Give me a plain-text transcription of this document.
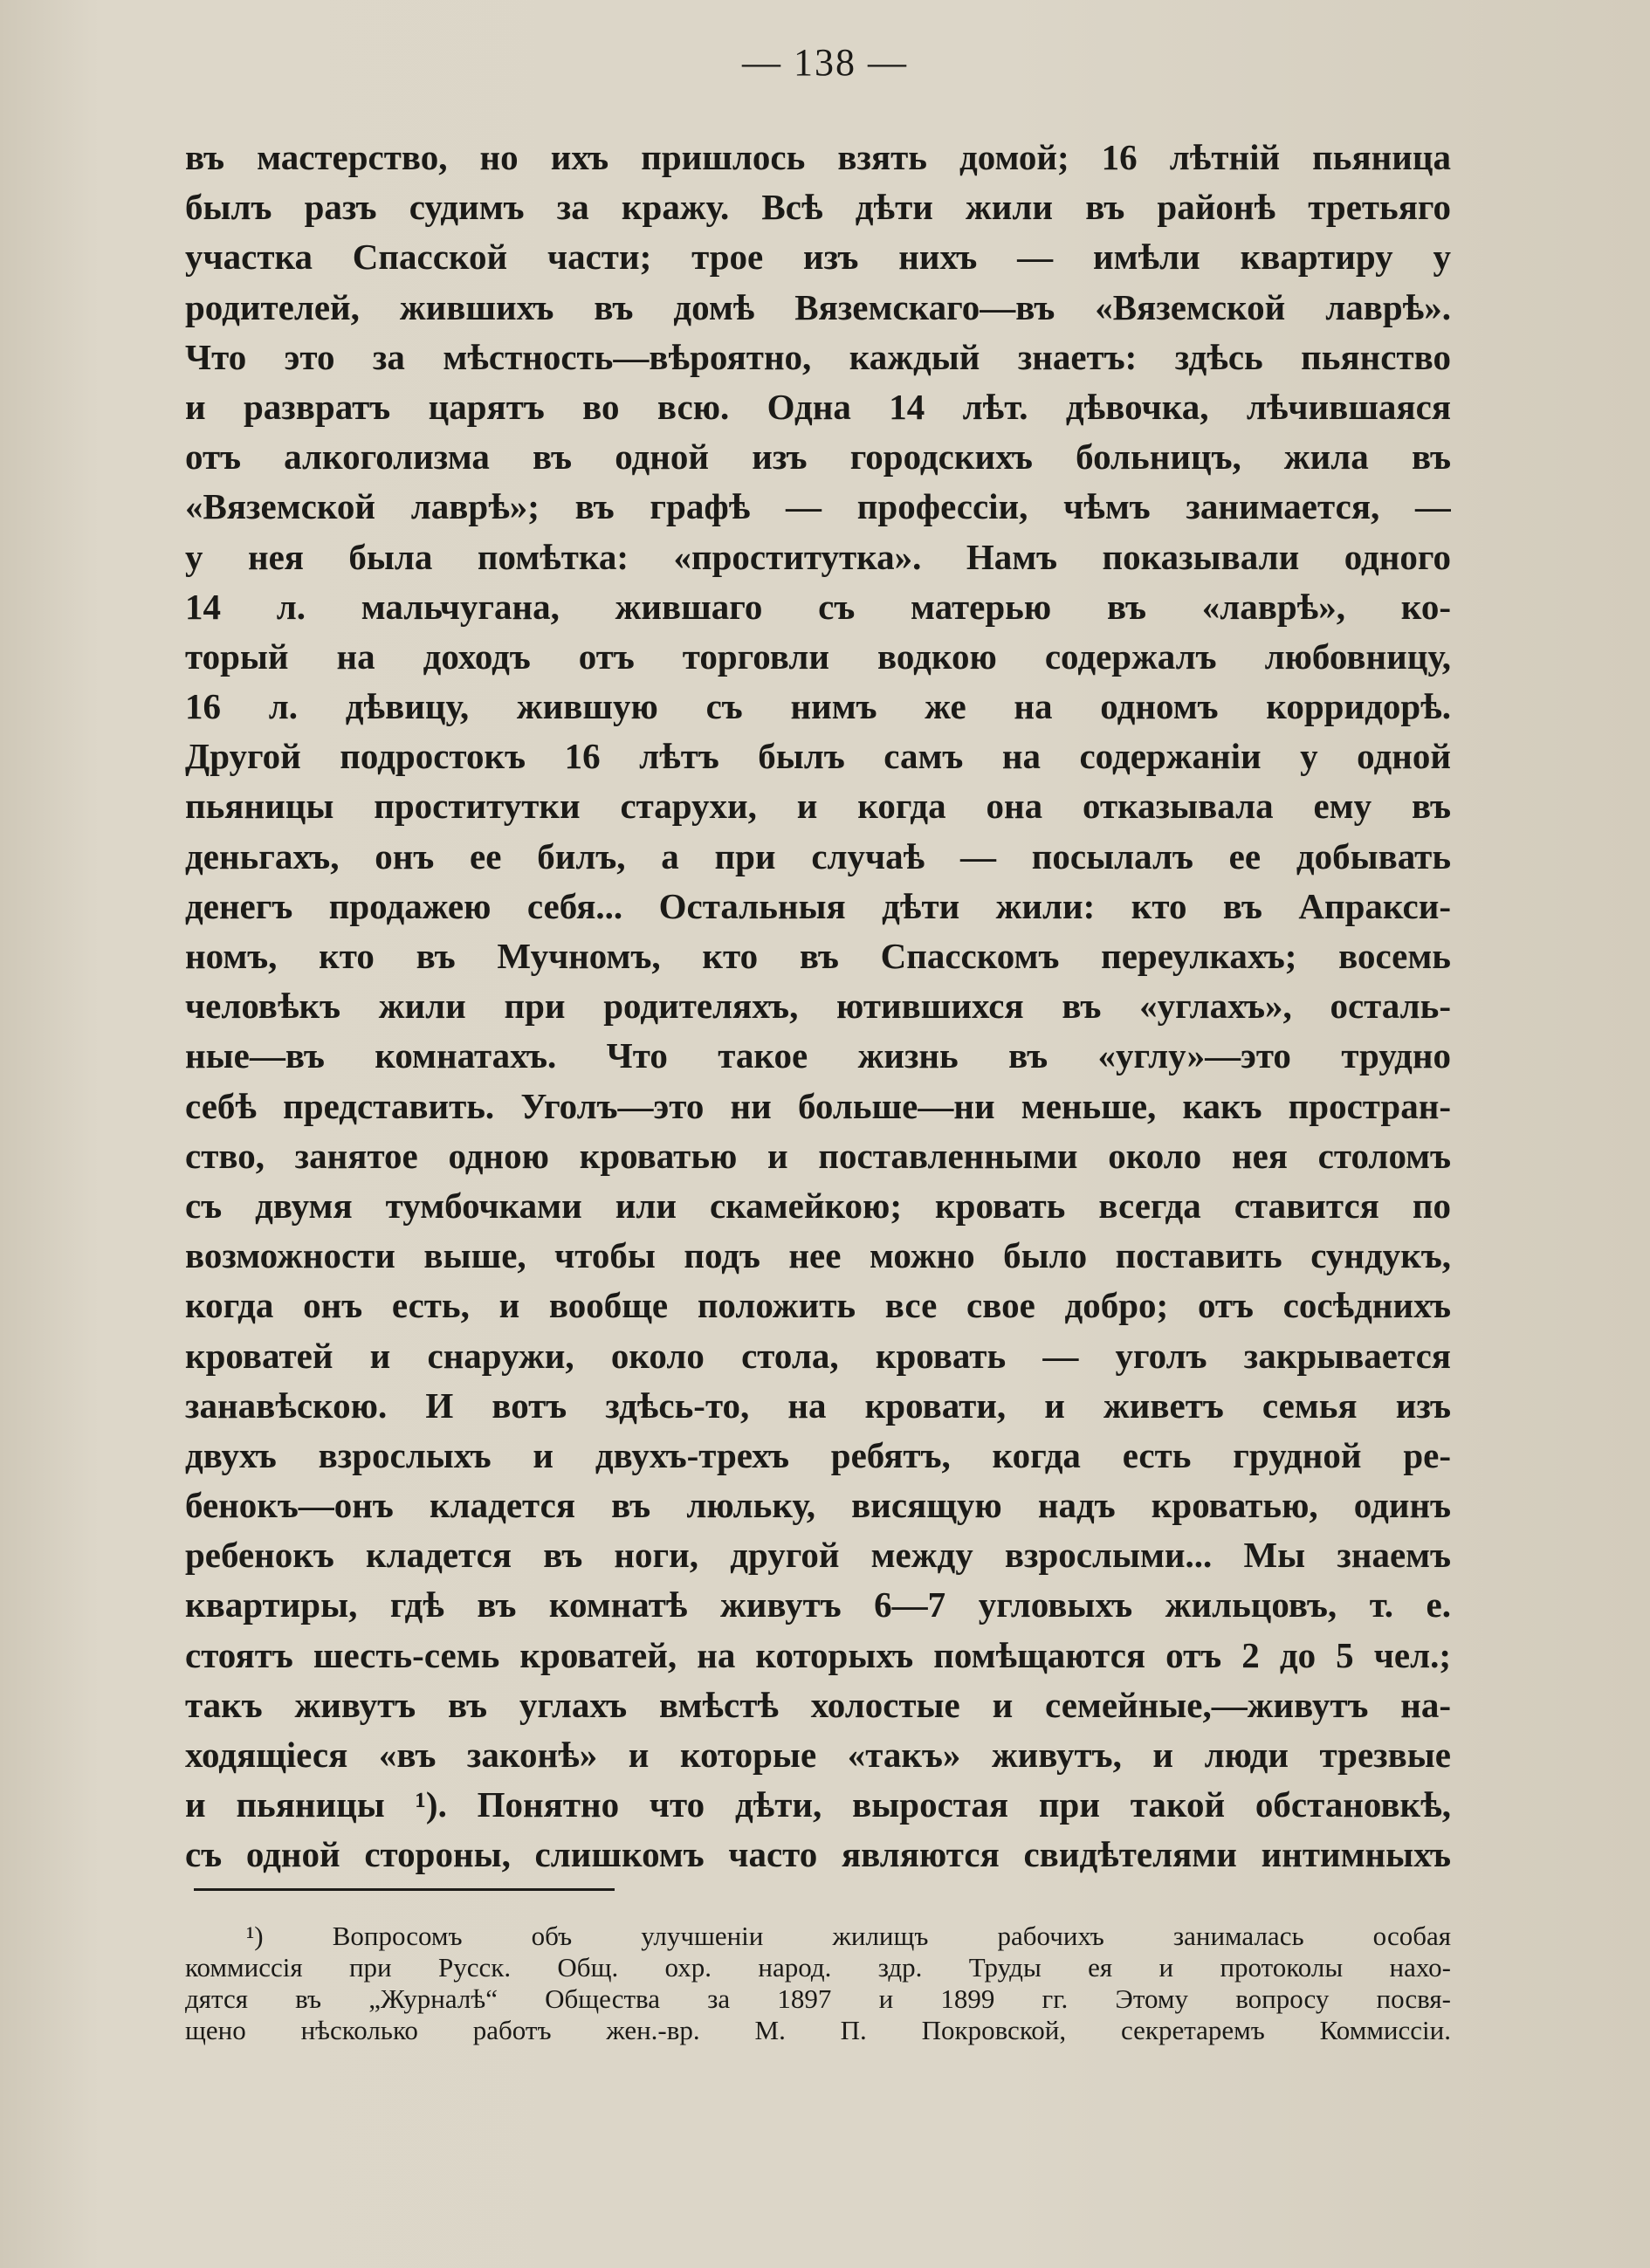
— 138 —
въ мастерство, но ихъ пришлось взять домой; 16 лѣтній пьяница
былъ разъ судимъ за кражу. Всѣ дѣти жили въ районѣ третьяго
участка Спасской части; трое изъ нихъ — имѣли квартиру у
родителей, жившихъ въ домѣ Вяземскаго—въ «Вяземской лаврѣ».
Что это за мѣстность—вѣроятно, каждый знаетъ: здѣсь пьянство
и развратъ царятъ во всю. Одна 14 лѣт. дѣвочка, лѣчившаяся
отъ алкоголизма въ одной изъ городскихъ больницъ, жила въ
«Вяземской лаврѣ»; въ графѣ — профессіи, чѣмъ занимается, —
у нея была помѣтка: «проститутка». Намъ показывали одного
14 л. мальчугана, жившаго съ матерью въ «лаврѣ», ко-
торый на доходъ отъ торговли водкою содержалъ любовницу,
16 л. дѣвицу, жившую съ нимъ же на одномъ корридорѣ.
Другой подростокъ 16 лѣтъ былъ самъ на содержаніи у одной
пьяницы проститутки старухи, и когда она отказывала ему въ
деньгахъ, онъ ее билъ, а при случаѣ — посылалъ ее добывать
денегъ продажею себя... Остальныя дѣти жили: кто въ Апракси-
номъ, кто въ Мучномъ, кто въ Спасскомъ переулкахъ; восемь
человѣкъ жили при родителяхъ, ютившихся въ «углахъ», осталь-
ные—въ комнатахъ. Что такое жизнь въ «углу»—это трудно
себѣ представить. Уголъ—это ни больше—ни меньше, какъ простран-
ство, занятое одною кроватью и поставленными около нея столомъ
съ двумя тумбочками или скамейкою; кровать всегда ставится по
возможности выше, чтобы подъ нее можно было поставить сундукъ,
когда онъ есть, и вообще положить все свое добро; отъ сосѣднихъ
кроватей и снаружи, около стола, кровать — уголъ закрывается
занавѣскою. И вотъ здѣсь-то, на кровати, и живетъ семья изъ
двухъ взрослыхъ и двухъ-трехъ ребятъ, когда есть грудной ре-
бенокъ—онъ кладется въ люльку, висящую надъ кроватью, одинъ
ребенокъ кладется въ ноги, другой между взрослыми... Мы знаемъ
квартиры, гдѣ въ комнатѣ живутъ 6—7 угловыхъ жильцовъ, т. е.
стоятъ шесть-семь кроватей, на которыхъ помѣщаются отъ 2 до 5 чел.;
такъ живутъ въ углахъ вмѣстѣ холостые и семейные,—живутъ на-
ходящіеся «въ законѣ» и которые «такъ» живутъ, и люди трезвые
и пьяницы ¹). Понятно что дѣти, выростая при такой обстановкѣ,
съ одной стороны, слишкомъ часто являются свидѣтелями интимныхъ
¹) Вопросомъ объ улучшеніи жилищъ рабочихъ занималась особая
коммиссія при Русск. Общ. охр. народ. здр. Труды ея и протоколы нахо-
дятся въ „Журналѣ“ Общества за 1897 и 1899 гг. Этому вопросу посвя-
щено нѣсколько работъ жен.-вр. М. П. Покровской, секретаремъ Коммиссіи.
